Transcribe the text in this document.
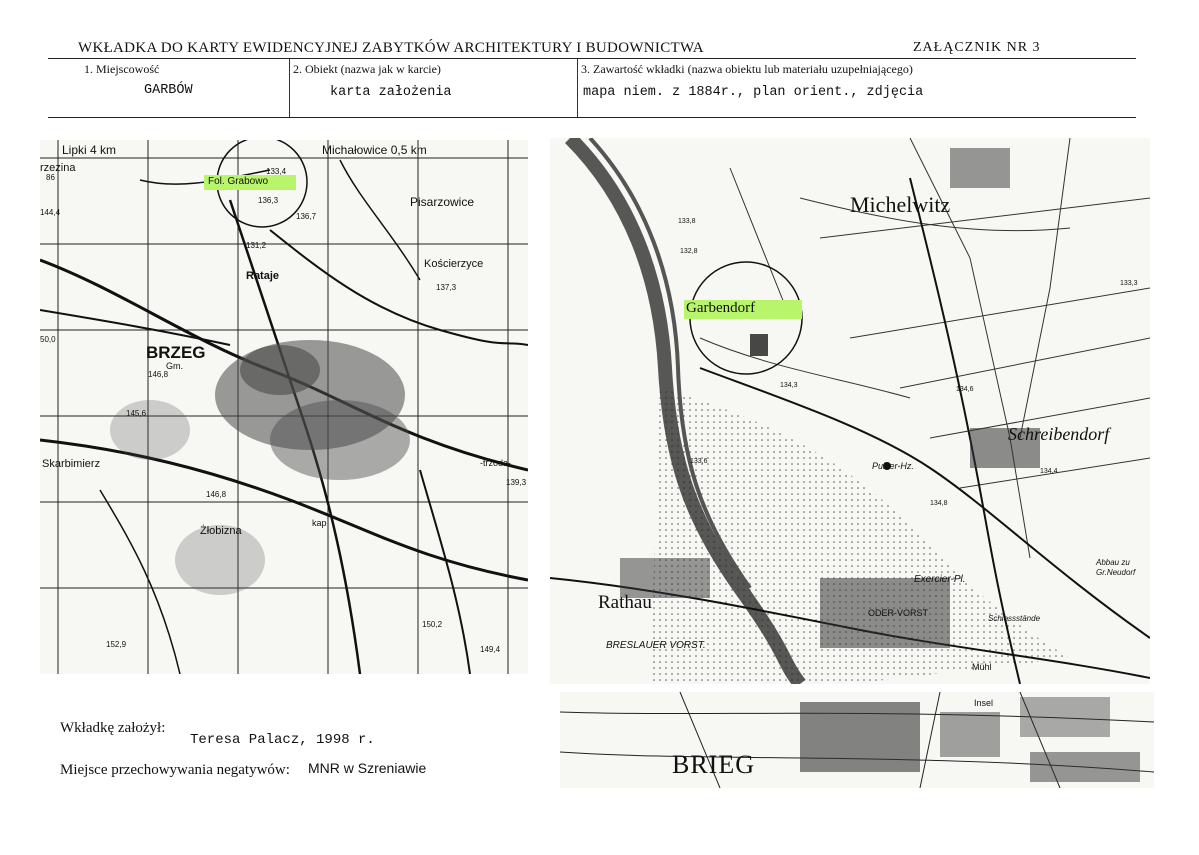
WKŁADKA DO KARTY EWIDENCYJNEJ ZABYTKÓW ARCHITEKTURY I BUDOWNICTWA	ZAŁĄCZNIK NR 3
1. Miejscowość
GARBÓW
2. Obiekt (nazwa jak w karcie)
karta założenia
3. Zawartość wkładki (nazwa obiektu lub materiału uzupełniającego)
mapa niem. z 1884r., plan orient., zdjęcia
Lipki 4 km	Michałowice 0,5 km
Fol. Grabowo
BRZEG
Gm.
Pisarzowice
Kościerzyce
Rataje
Skarbimierz
Żłobizna
rzezina
-trzoda-
kap
133,4
136,3
136,7
131,2
137,3
146,8
145,6
146,8
150,2
149,4
152,9
139,3
144,4
50,0
86
Garbendorf
Michelwitz
Schreibendorf
Rathau
Pulver-Hz.
Exercier-Pl.
Abbau zu Gr.Neudorf
ODER-VORST
BRESLAUER VORST.
Schiessstände
Mühl
133,8
132,8
133,3
134,3
134,6
134,8
134,4
133,6
BRIEG
Insel
Wkładkę założył:
Teresa Palacz, 1998 r.
Miejsce przechowywania negatywów: MNR w Szreniawie
